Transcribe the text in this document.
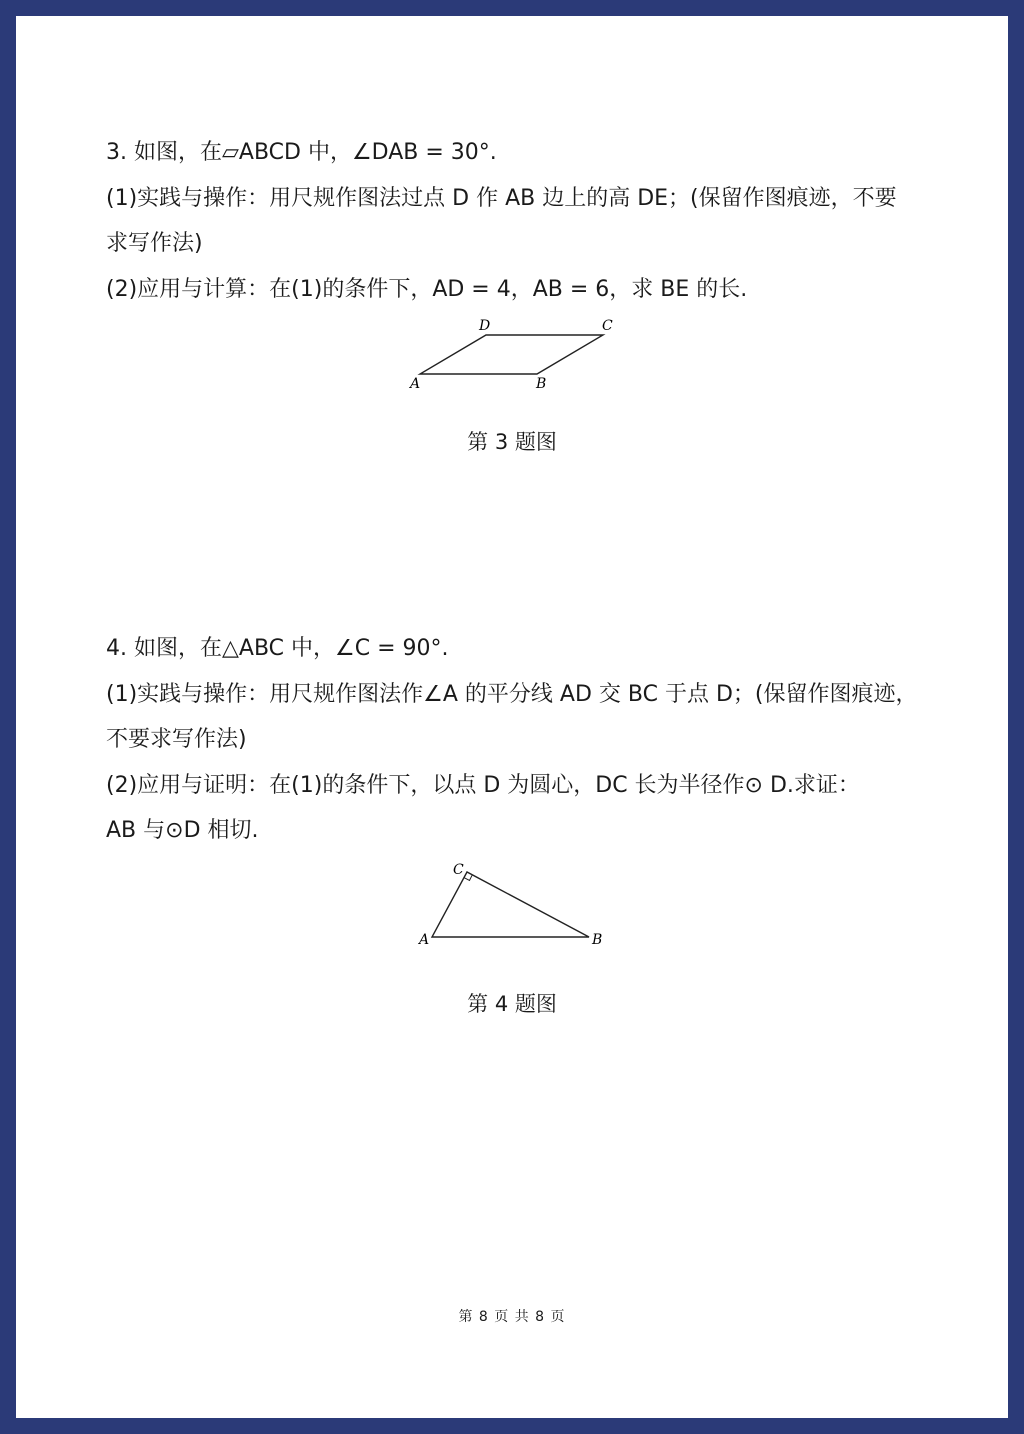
3. 如图，在▱ABCD 中，∠DAB = 30°.

(1)实践与操作：用尺规作图法过点 D 作 AB 边上的高 DE；(保留作图痕迹，不要

求写作法)

(2)应用与计算：在(1)的条件下，AD = 4，AB = 6，求 BE 的长.

A	B
C
D
第 3 题图

4. 如图，在△ABC 中，∠C = 90°.

(1)实践与操作：用尺规作图法作∠A 的平分线 AD 交 BC 于点 D；(保留作图痕迹，

不要求写作法)

(2)应用与证明：在(1)的条件下，以点 D 为圆心，DC 长为半径作⊙ D.求证：

AB 与⊙D 相切.

A	B
C
第 4 题图
第 8 页 共 8 页
